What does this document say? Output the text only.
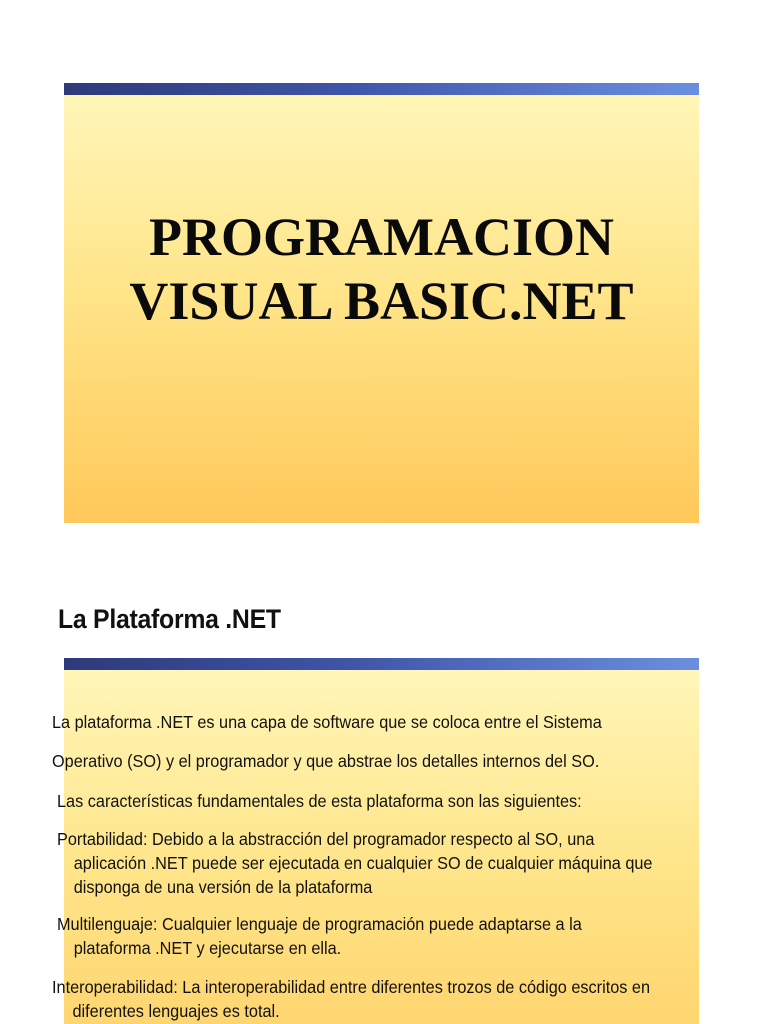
PROGRAMACION
VISUAL BASIC.NET
La Plataforma .NET

La plataforma .NET es una capa de software que se coloca entre el Sistema

Operativo (SO) y el programador y que abstrae los detalles internos del SO.

Las características fundamentales de esta plataforma son las siguientes:

Portabilidad: Debido a la abstracción del programador respecto al SO, una
aplicación .NET puede ser ejecutada en cualquier SO de cualquier máquina que
disponga de una versión de la plataforma

Multilenguaje: Cualquier lenguaje de programación puede adaptarse a la
plataforma .NET y ejecutarse en ella.

Interoperabilidad: La interoperabilidad entre diferentes trozos de código escritos en
diferentes lenguajes es total.
